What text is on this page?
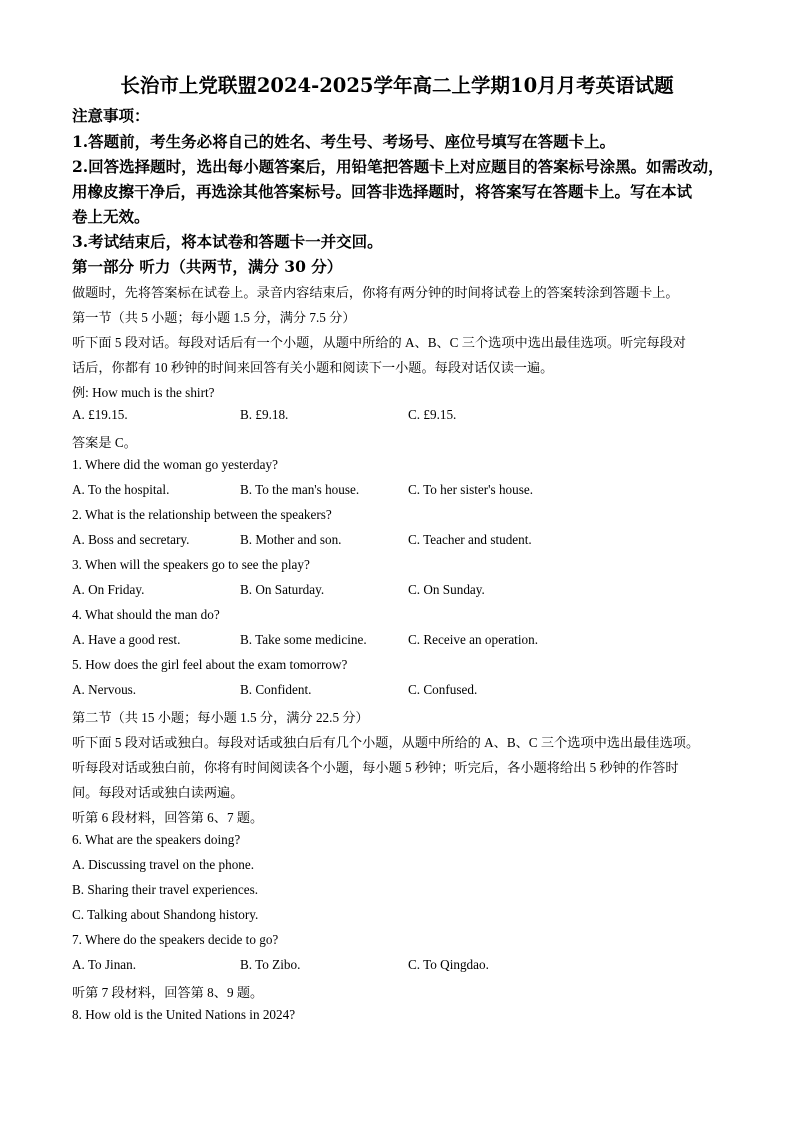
长治市上党联盟2024-2025学年高二上学期10月月考英语试题
注意事项：
1.答题前，考生务必将自己的姓名、考生号、考场号、座位号填写在答题卡上。
2.回答选择题时，选出每小题答案后，用铅笔把答题卡上对应题目的答案标号涂黑。如需改动，
用橡皮擦干净后，再选涂其他答案标号。回答非选择题时，将答案写在答题卡上。写在本试
卷上无效。
3.考试结束后，将本试卷和答题卡一并交回。
第一部分 听力（共两节，满分 30 分）
做题时，先将答案标在试卷上。录音内容结束后，你将有两分钟的时间将试卷上的答案转涂到答题卡上。
第一节（共 5 小题；每小题 1.5 分，满分 7.5 分）
听下面 5 段对话。每段对话后有一个小题，从题中所给的 A、B、C 三个选项中选出最佳选项。听完每段对
话后，你都有 10 秒钟的时间来回答有关小题和阅读下一小题。每段对话仅读一遍。
例: How much is the shirt?
A. £19.15.	B. £9.18.	C. £9.15.
答案是 C。
1. Where did the woman go yesterday?
A. To the hospital.	B. To the man's house.	C. To her sister's house.
2. What is the relationship between the speakers?
A. Boss and secretary.	B. Mother and son.	C. Teacher and student.
3. When will the speakers go to see the play?
A. On Friday.	B. On Saturday.	C. On Sunday.
4. What should the man do?
A. Have a good rest.	B. Take some medicine.	C. Receive an operation.
5. How does the girl feel about the exam tomorrow?
A. Nervous.	B. Confident.	C. Confused.
第二节（共 15 小题；每小题 1.5 分，满分 22.5 分）
听下面 5 段对话或独白。每段对话或独白后有几个小题，从题中所给的 A、B、C 三个选项中选出最佳选项。
听每段对话或独白前，你将有时间阅读各个小题，每小题 5 秒钟；听完后，各小题将给出 5 秒钟的作答时
间。每段对话或独白读两遍。
听第 6 段材料，回答第 6、7 题。
6. What are the speakers doing?
A. Discussing travel on the phone.
B. Sharing their travel experiences.
C. Talking about Shandong history.
7. Where do the speakers decide to go?
A. To Jinan.	B. To Zibo.	C. To Qingdao.
听第 7 段材料，回答第 8、9 题。
8. How old is the United Nations in 2024?
